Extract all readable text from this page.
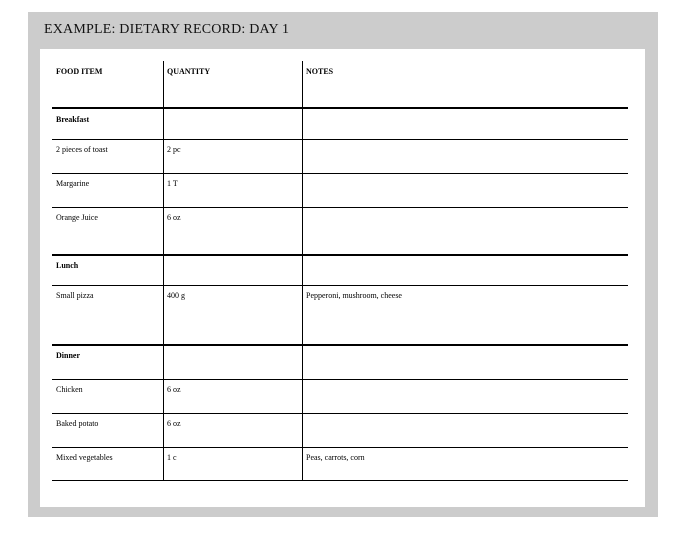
EXAMPLE: DIETARY RECORD: DAY 1
FOOD ITEM	QUANTITY	NOTES
Breakfast
2 pieces of toast	2 pc
Margarine	1 T
Orange Juice	6 oz
Lunch
Small pizza	400 g	Pepperoni, mushroom, cheese
Dinner
Chicken	6 oz
Baked potato	6 oz
Mixed vegetables	1 c	Peas, carrots, corn
